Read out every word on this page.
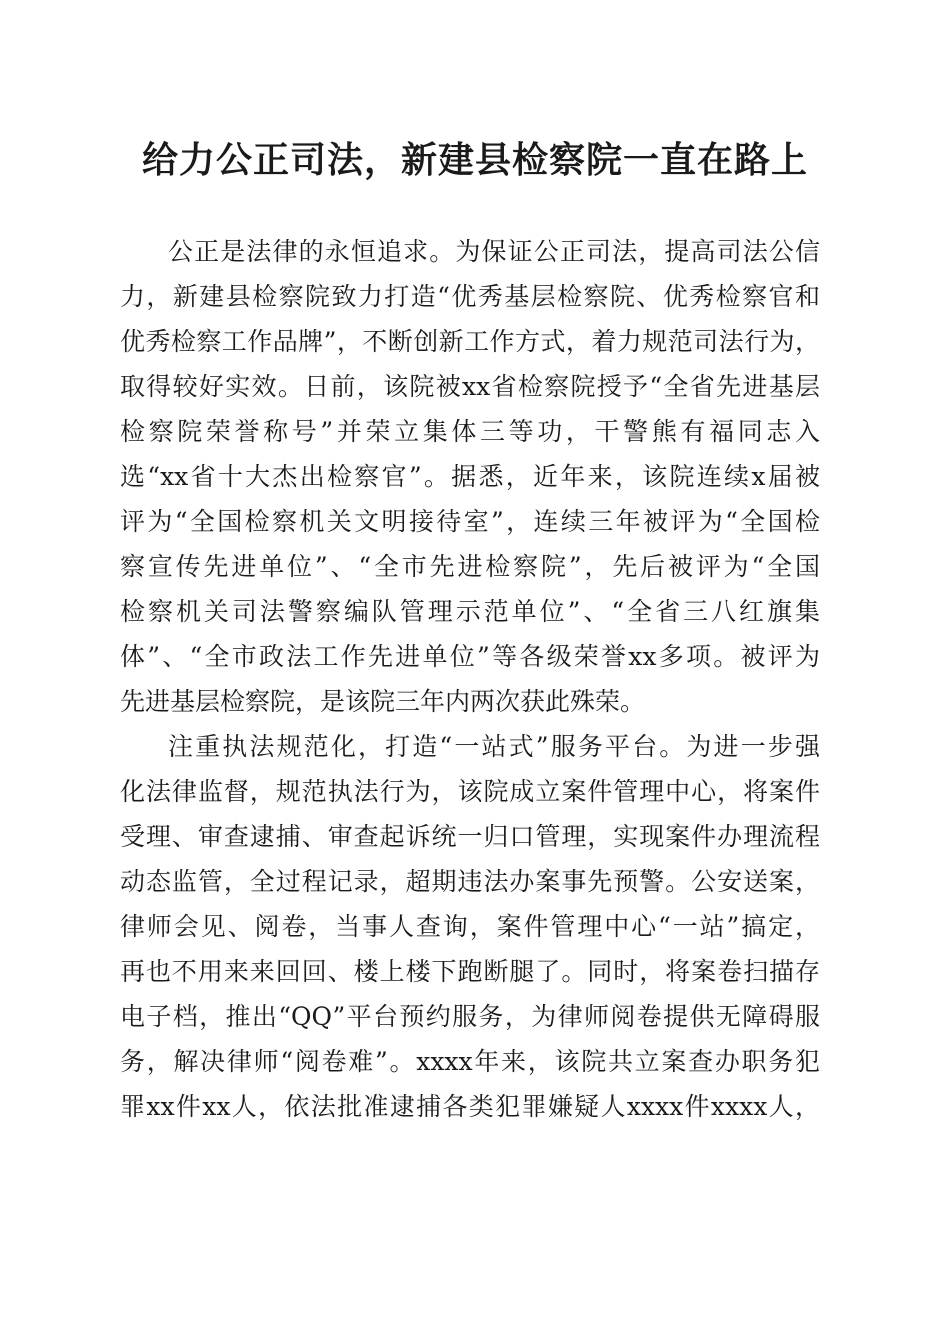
给力公正司法，新建县检察院一直在路上
公正是法律的永恒追求。为保证公正司法，提高司法公信
力，新建县检察院致力打造“优秀基层检察院、优秀检察官和
优秀检察工作品牌”，不断创新工作方式，着力规范司法行为，
取得较好实效。日前，该院被xx省检察院授予“全省先进基层
检察院荣誉称号”并荣立集体三等功，干警熊有福同志入
选“xx省十大杰出检察官”。据悉，近年来，该院连续x届被
评为“全国检察机关文明接待室”，连续三年被评为“全国检
察宣传先进单位”、“全市先进检察院”，先后被评为“全国
检察机关司法警察编队管理示范单位”、“全省三八红旗集
体”、“全市政法工作先进单位”等各级荣誉xx多项。被评为
先进基层检察院，是该院三年内两次获此殊荣。
注重执法规范化，打造“一站式”服务平台。为进一步强
化法律监督，规范执法行为，该院成立案件管理中心，将案件
受理、审查逮捕、审查起诉统一归口管理，实现案件办理流程
动态监管，全过程记录，超期违法办案事先预警。公安送案，
律师会见、阅卷，当事人查询，案件管理中心“一站”搞定，
再也不用来来回回、楼上楼下跑断腿了。同时，将案卷扫描存
电子档，推出“QQ”平台预约服务，为律师阅卷提供无障碍服
务，解决律师“阅卷难”。xxxx年来，该院共立案查办职务犯
罪xx件xx人，依法批准逮捕各类犯罪嫌疑人xxxx件xxxx人，
